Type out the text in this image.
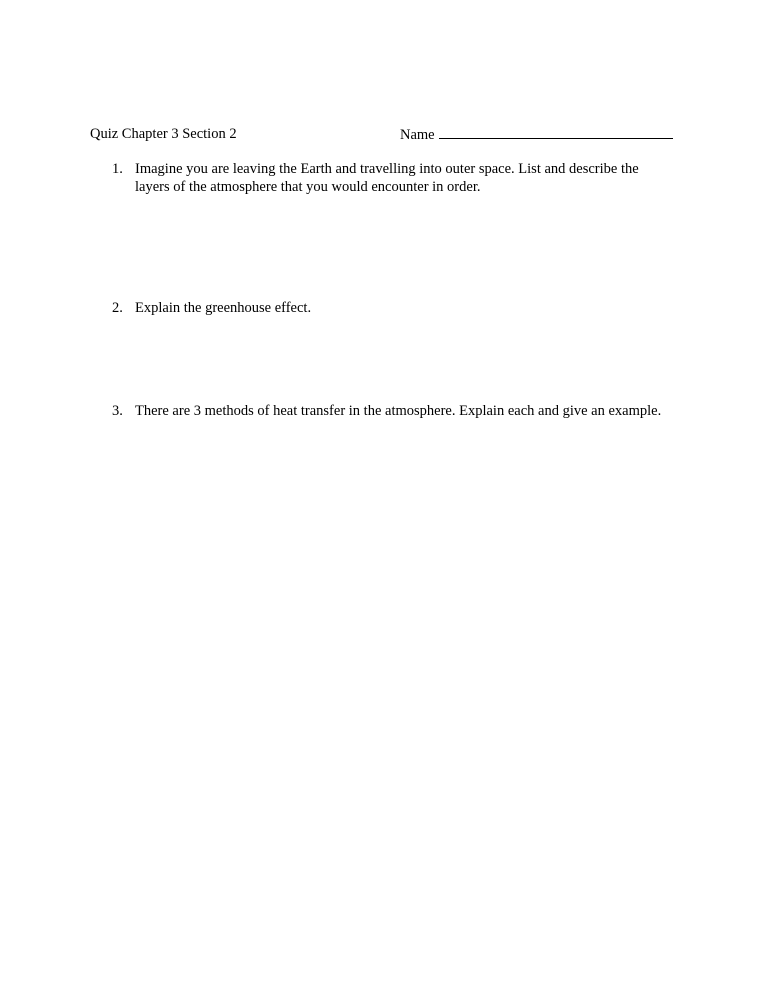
Quiz Chapter 3 Section 2	Name
1. Imagine you are leaving the Earth and travelling into outer space. List and describe the layers of the atmosphere that you would encounter in order.
2. Explain the greenhouse effect.
3. There are 3 methods of heat transfer in the atmosphere. Explain each and give an example.
